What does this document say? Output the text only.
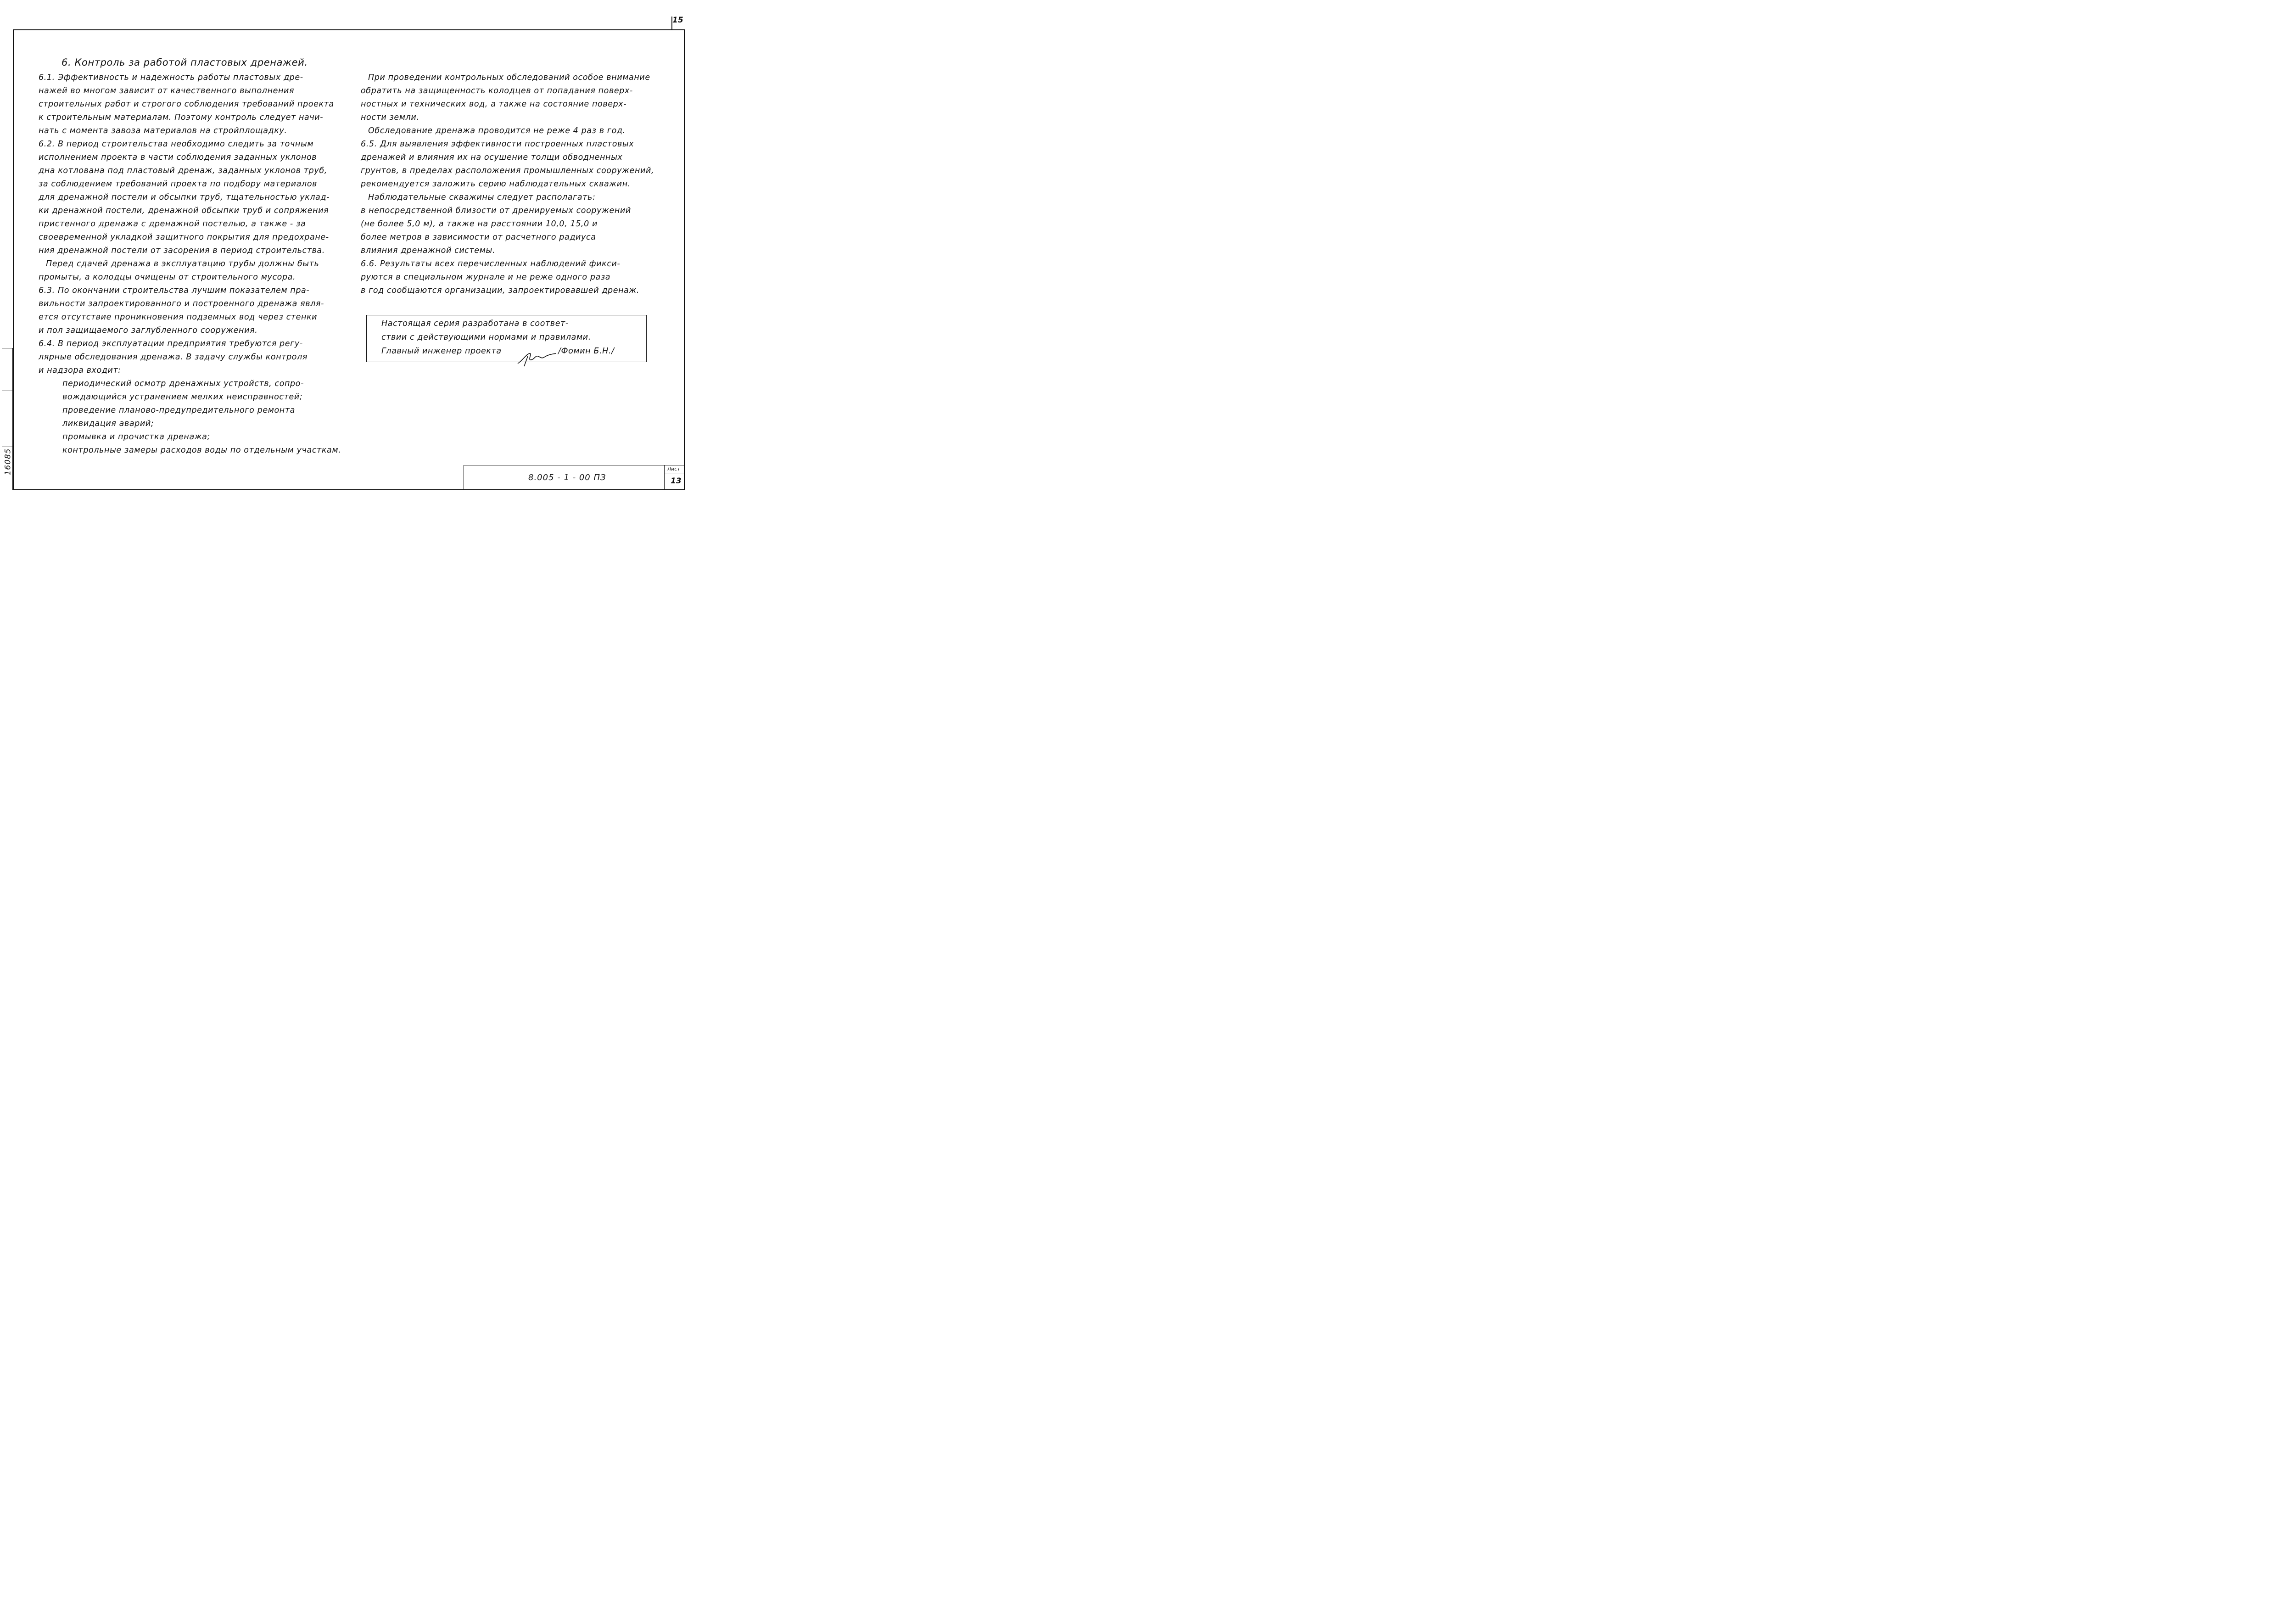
15
16085
6. Контроль за работой пластовых дренажей.
6.1. Эффективность и надежность работы пластовых дре-
нажей во многом зависит от качественного выполнения
строительных работ и строгого соблюдения требований проекта
к строительным материалам. Поэтому контроль следует начи-
нать с момента завоза материалов на стройплощадку.
6.2. В период строительства необходимо следить за точным
исполнением проекта в части соблюдения заданных уклонов
дна котлована под пластовый дренаж, заданных уклонов труб,
за соблюдением требований проекта по подбору материалов
для дренажной постели и обсыпки труб, тщательностью уклад-
ки дренажной постели, дренажной обсыпки труб и сопряжения
пристенного дренажа с дренажной постелью, а также - за
своевременной укладкой защитного покрытия для предохране-
ния дренажной постели от засорения в период строительства.
Перед сдачей дренажа в эксплуатацию трубы должны быть
промыты, а колодцы очищены от строительного мусора.
6.3. По окончании строительства лучшим показателем пра-
вильности запроектированного и построенного дренажа явля-
ется отсутствие проникновения подземных вод через стенки
и пол защищаемого заглубленного сооружения.
6.4. В период эксплуатации предприятия требуются регу-
лярные обследования дренажа. В задачу службы контроля
и надзора входит:
периодический осмотр дренажных устройств, сопро-
вождающийся устранением мелких неисправностей;
проведение планово-предупредительного ремонта
ликвидация аварий;
промывка и прочистка дренажа;
контрольные замеры расходов воды по отдельным участкам.
При проведении контрольных обследований особое внимание
обратить на защищенность колодцев от попадания поверх-
ностных и технических вод, а также на состояние поверх-
ности земли.
Обследование дренажа проводится не реже 4 раз в год.
6.5. Для выявления эффективности построенных пластовых
дренажей и влияния их на осушение толщи обводненных
грунтов, в пределах расположения промышленных сооружений,
рекомендуется заложить серию наблюдательных скважин.
Наблюдательные скважины следует располагать:
в непосредственной близости от дренируемых сооружений
(не более 5,0 м), а также на расстоянии 10,0, 15,0 и
более метров в зависимости от расчетного радиуса
влияния дренажной системы.
6.6. Результаты всех перечисленных наблюдений фикси-
руются в специальном журнале и не реже одного раза
в год сообщаются организации, запроектировавшей дренаж.
Настоящая серия разработана в соответ-
ствии с действующими нормами и правилами.
Главный инженер проекта                    /Фомин Б.Н./
8.005 - 1 - 00 ПЗ
Лист
13
